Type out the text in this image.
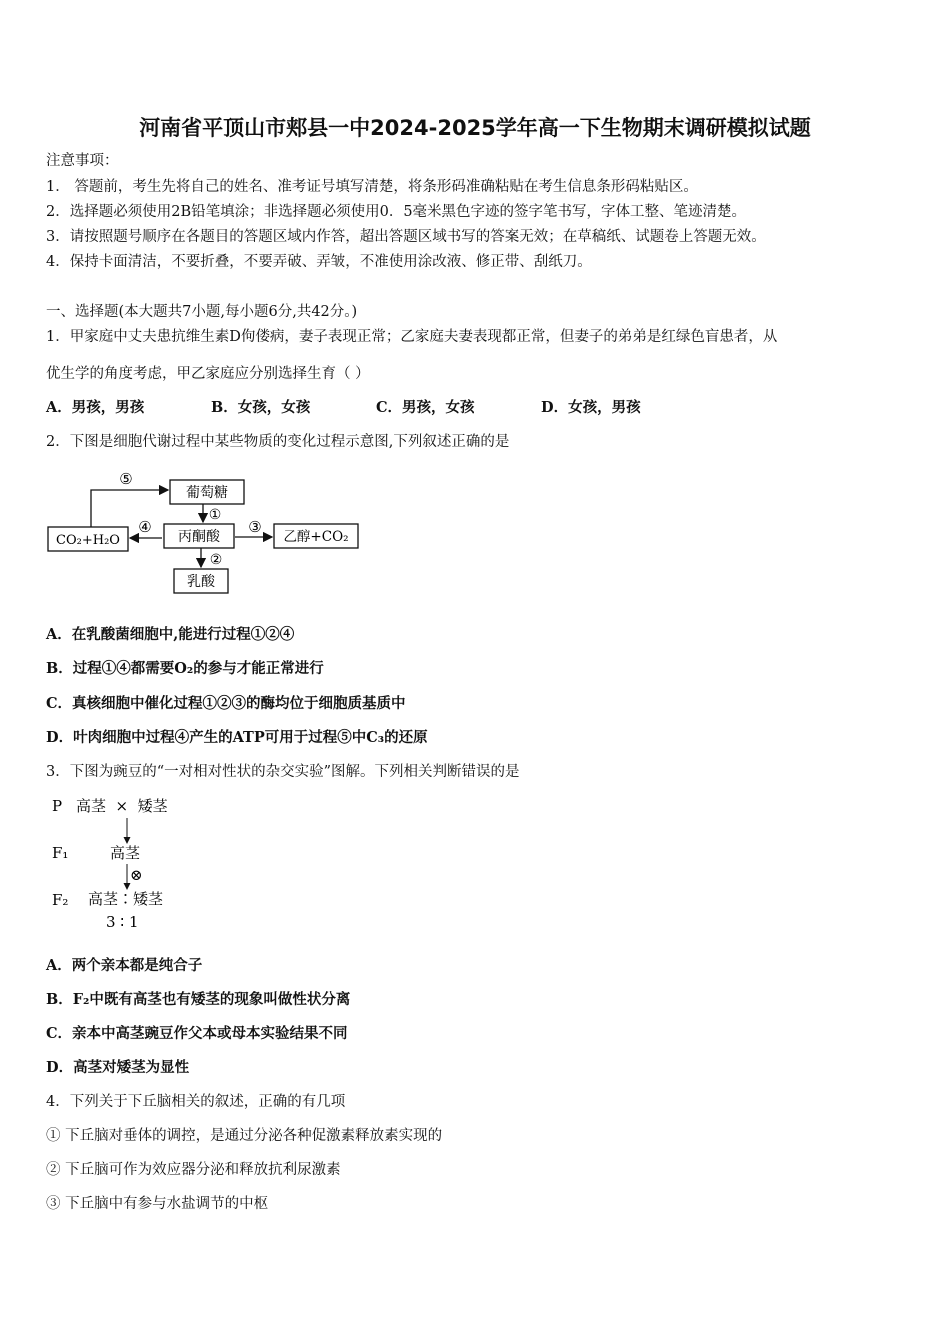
河南省平顶山市郏县一中2024-2025学年高一下生物期末调研模拟试题
注意事项：
1． 答题前，考生先将自己的姓名、准考证号填写清楚，将条形码准确粘贴在考生信息条形码粘贴区。
2．选择题必须使用2B铅笔填涂；非选择题必须使用0．5毫米黑色字迹的签字笔书写，字体工整、笔迹清楚。
3．请按照题号顺序在各题目的答题区域内作答，超出答题区域书写的答案无效；在草稿纸、试题卷上答题无效。
4．保持卡面清洁，不要折叠，不要弄破、弄皱，不准使用涂改液、修正带、刮纸刀。
一、选择题(本大题共7小题,每小题6分,共42分。)
1．甲家庭中丈夫患抗维生素D佝偻病，妻子表现正常；乙家庭夫妻表现都正常，但妻子的弟弟是红绿色盲患者，从
优生学的角度考虑，甲乙家庭应分别选择生育（ ）
A．男孩，男孩	B．女孩，女孩	C．男孩，女孩	D．女孩，男孩
2．下图是细胞代谢过程中某些物质的变化过程示意图,下列叙述正确的是
葡萄糖
丙酮酸
CO₂+H₂O	乙醇+CO₂
乳酸
⑤
①
④	③
②
A．在乳酸菌细胞中,能进行过程①②④
B．过程①④都需要O₂的参与才能正常进行
C．真核细胞中催化过程①②③的酶均位于细胞质基质中
D．叶肉细胞中过程④产生的ATP可用于过程⑤中C₃的还原
3．下图为豌豆的“一对相对性状的杂交实验”图解。下列相关判断错误的是
P 高茎  ×  矮茎
F₁	高茎
⊗
F₂ 高茎∶矮茎
3 ∶ 1
A．两个亲本都是纯合子
B．F₂中既有高茎也有矮茎的现象叫做性状分离
C．亲本中高茎豌豆作父本或母本实验结果不同
D．高茎对矮茎为显性
4．下列关于下丘脑相关的叙述，正确的有几项
① 下丘脑对垂体的调控，是通过分泌各种促激素释放素实现的
② 下丘脑可作为效应器分泌和释放抗利尿激素
③ 下丘脑中有参与水盐调节的中枢
